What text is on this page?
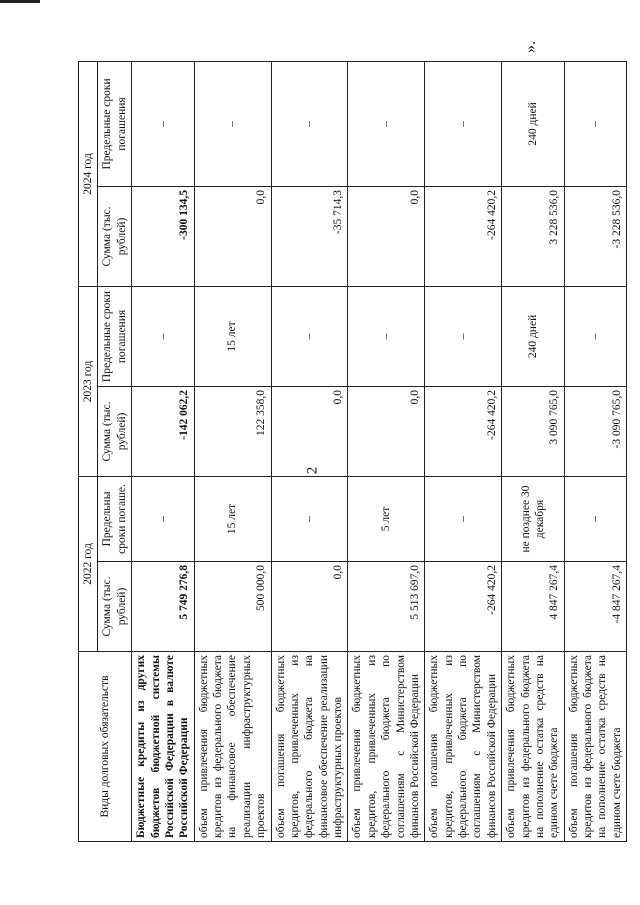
2
».
Виды долговых обязательств	2022 год		2023 год		2024 год	
	Сумма (тыс. рублей)	Предельны сроки погаше.	Сумма (тыс. рублей)	Предельные сроки погашения	Сумма (тыс. рублей)	Предельные сроки погашения
Бюджетные кредиты из других бюджетов бюджетной системы Российской Федерации в валюте Российской Федерации	5 749 276,8	–	-142 062,2	–	-300 134,5	–
объем привлечения бюджетных кредитов из федерального бюджета на финансовое обеспечение реализации инфраструктурных проектов	500 000,0	15 лет	122 358,0	15 лет	0,0	–
объем погашения бюджетных кредитов, привлеченных из федерального бюджета на финансовое обеспечение реализации инфраструктурных проектов	0,0	–	0,0	–	-35 714,3	–
объем привлечения бюджетных кредитов, привлеченных из федерального бюджета по соглашениям с Министерством финансов Российской Федерации	5 513 697,0	5 лет	0,0	–	0,0	–
объем погашения бюджетных кредитов, привлеченных из федерального бюджета по соглашениям с Министерством финансов Российской Федерации	-264 420,2	–	-264 420,2	–	-264 420,2	–
объем привлечения бюджетных кредитов из федерального бюджета на пополнение остатка средств на едином счете бюджета	4 847 267,4	не позднее 30 декабря	3 090 765,0	240 дней	3 228 536,0	240 дней
объем погашения бюджетных кредитов из федерального бюджета на пополнение остатка средств на едином счете бюджета	-4 847 267,4	–	-3 090 765,0	–	-3 228 536,0	–
